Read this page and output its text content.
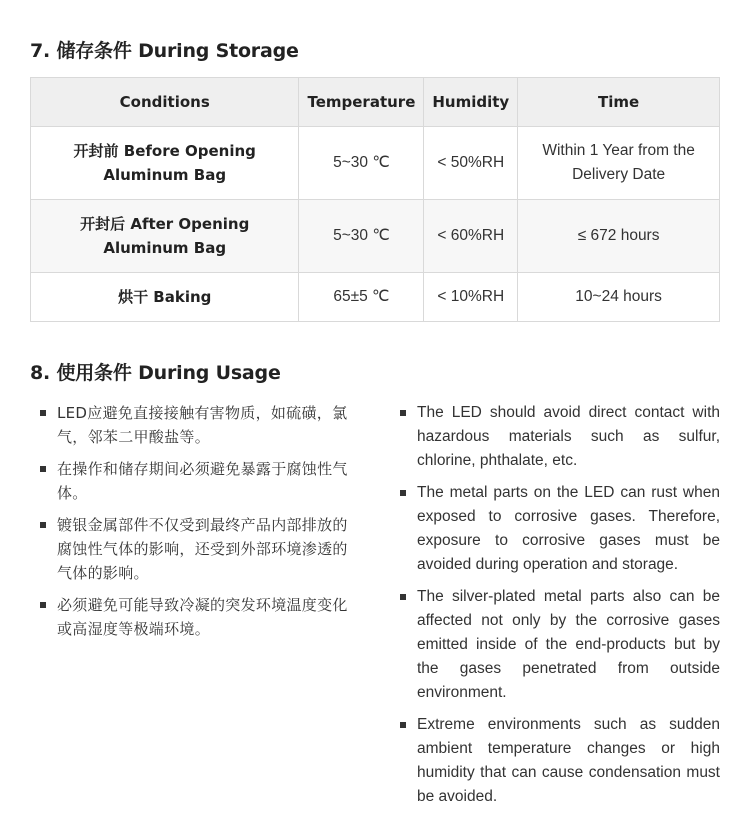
7. 储存条件 During Storage
Conditions	Temperature	Humidity	Time
开封前 Before Opening Aluminum Bag	5~30 ℃	< 50%RH	Within 1 Year from the Delivery Date
开封后 After Opening Aluminum Bag	5~30 ℃	< 60%RH	≤ 672 hours
烘干 Baking	65±5 ℃	< 10%RH	10~24 hours
8. 使用条件 During Usage
LED应避免直接接触有害物质，如硫磺，氯气，邻苯二甲酸盐等。
在操作和储存期间必须避免暴露于腐蚀性气体。
镀银金属部件不仅受到最终产品内部排放的腐蚀性气体的影响，还受到外部环境渗透的气体的影响。
必须避免可能导致冷凝的突发环境温度变化或高湿度等极端环境。
The LED should avoid direct contact with hazardous materials such as sulfur, chlorine, phthalate, etc.
The metal parts on the LED can rust when exposed to corrosive gases. Therefore, exposure to corrosive gases must be avoided during operation and storage.
The silver-plated metal parts also can be affected not only by the corrosive gases emitted inside of the end-products but by the gases penetrated from outside environment.
Extreme environments such as sudden ambient temperature changes or high humidity that can cause condensation must be avoided.
